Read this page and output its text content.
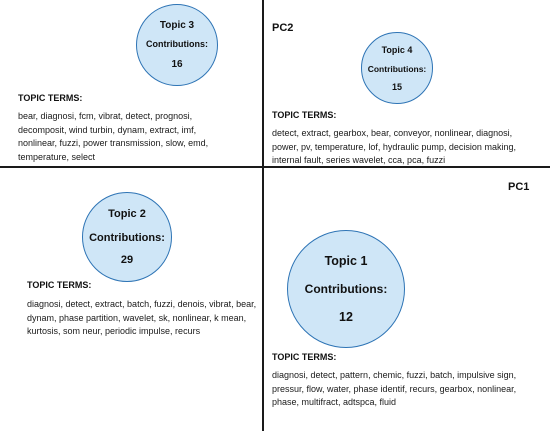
PC2
PC1
Topic 3
Contributions:
16
TOPIC TERMS:
bear, diagnosi, fcm, vibrat, detect, prognosi,
decomposit, wind turbin, dynam, extract, imf,
nonlinear, fuzzi, power transmission, slow, emd,
temperature, select
Topic 4
Contributions:
15
TOPIC TERMS:
detect, extract, gearbox, bear, conveyor, nonlinear, diagnosi,
power, pv, temperature, lof, hydraulic pump, decision making,
internal fault, series wavelet, cca, pca, fuzzi
Topic 2
Contributions:
29
TOPIC TERMS:
diagnosi, detect, extract, batch, fuzzi, denois, vibrat, bear,
dynam, phase partition, wavelet, sk, nonlinear, k mean,
kurtosis, som neur, periodic impulse, recurs
Topic 1
Contributions:
12
TOPIC TERMS:
diagnosi, detect, pattern, chemic, fuzzi, batch, impulsive sign,
pressur, flow, water, phase identif, recurs, gearbox, nonlinear,
phase, multifract, adtspca, fluid
